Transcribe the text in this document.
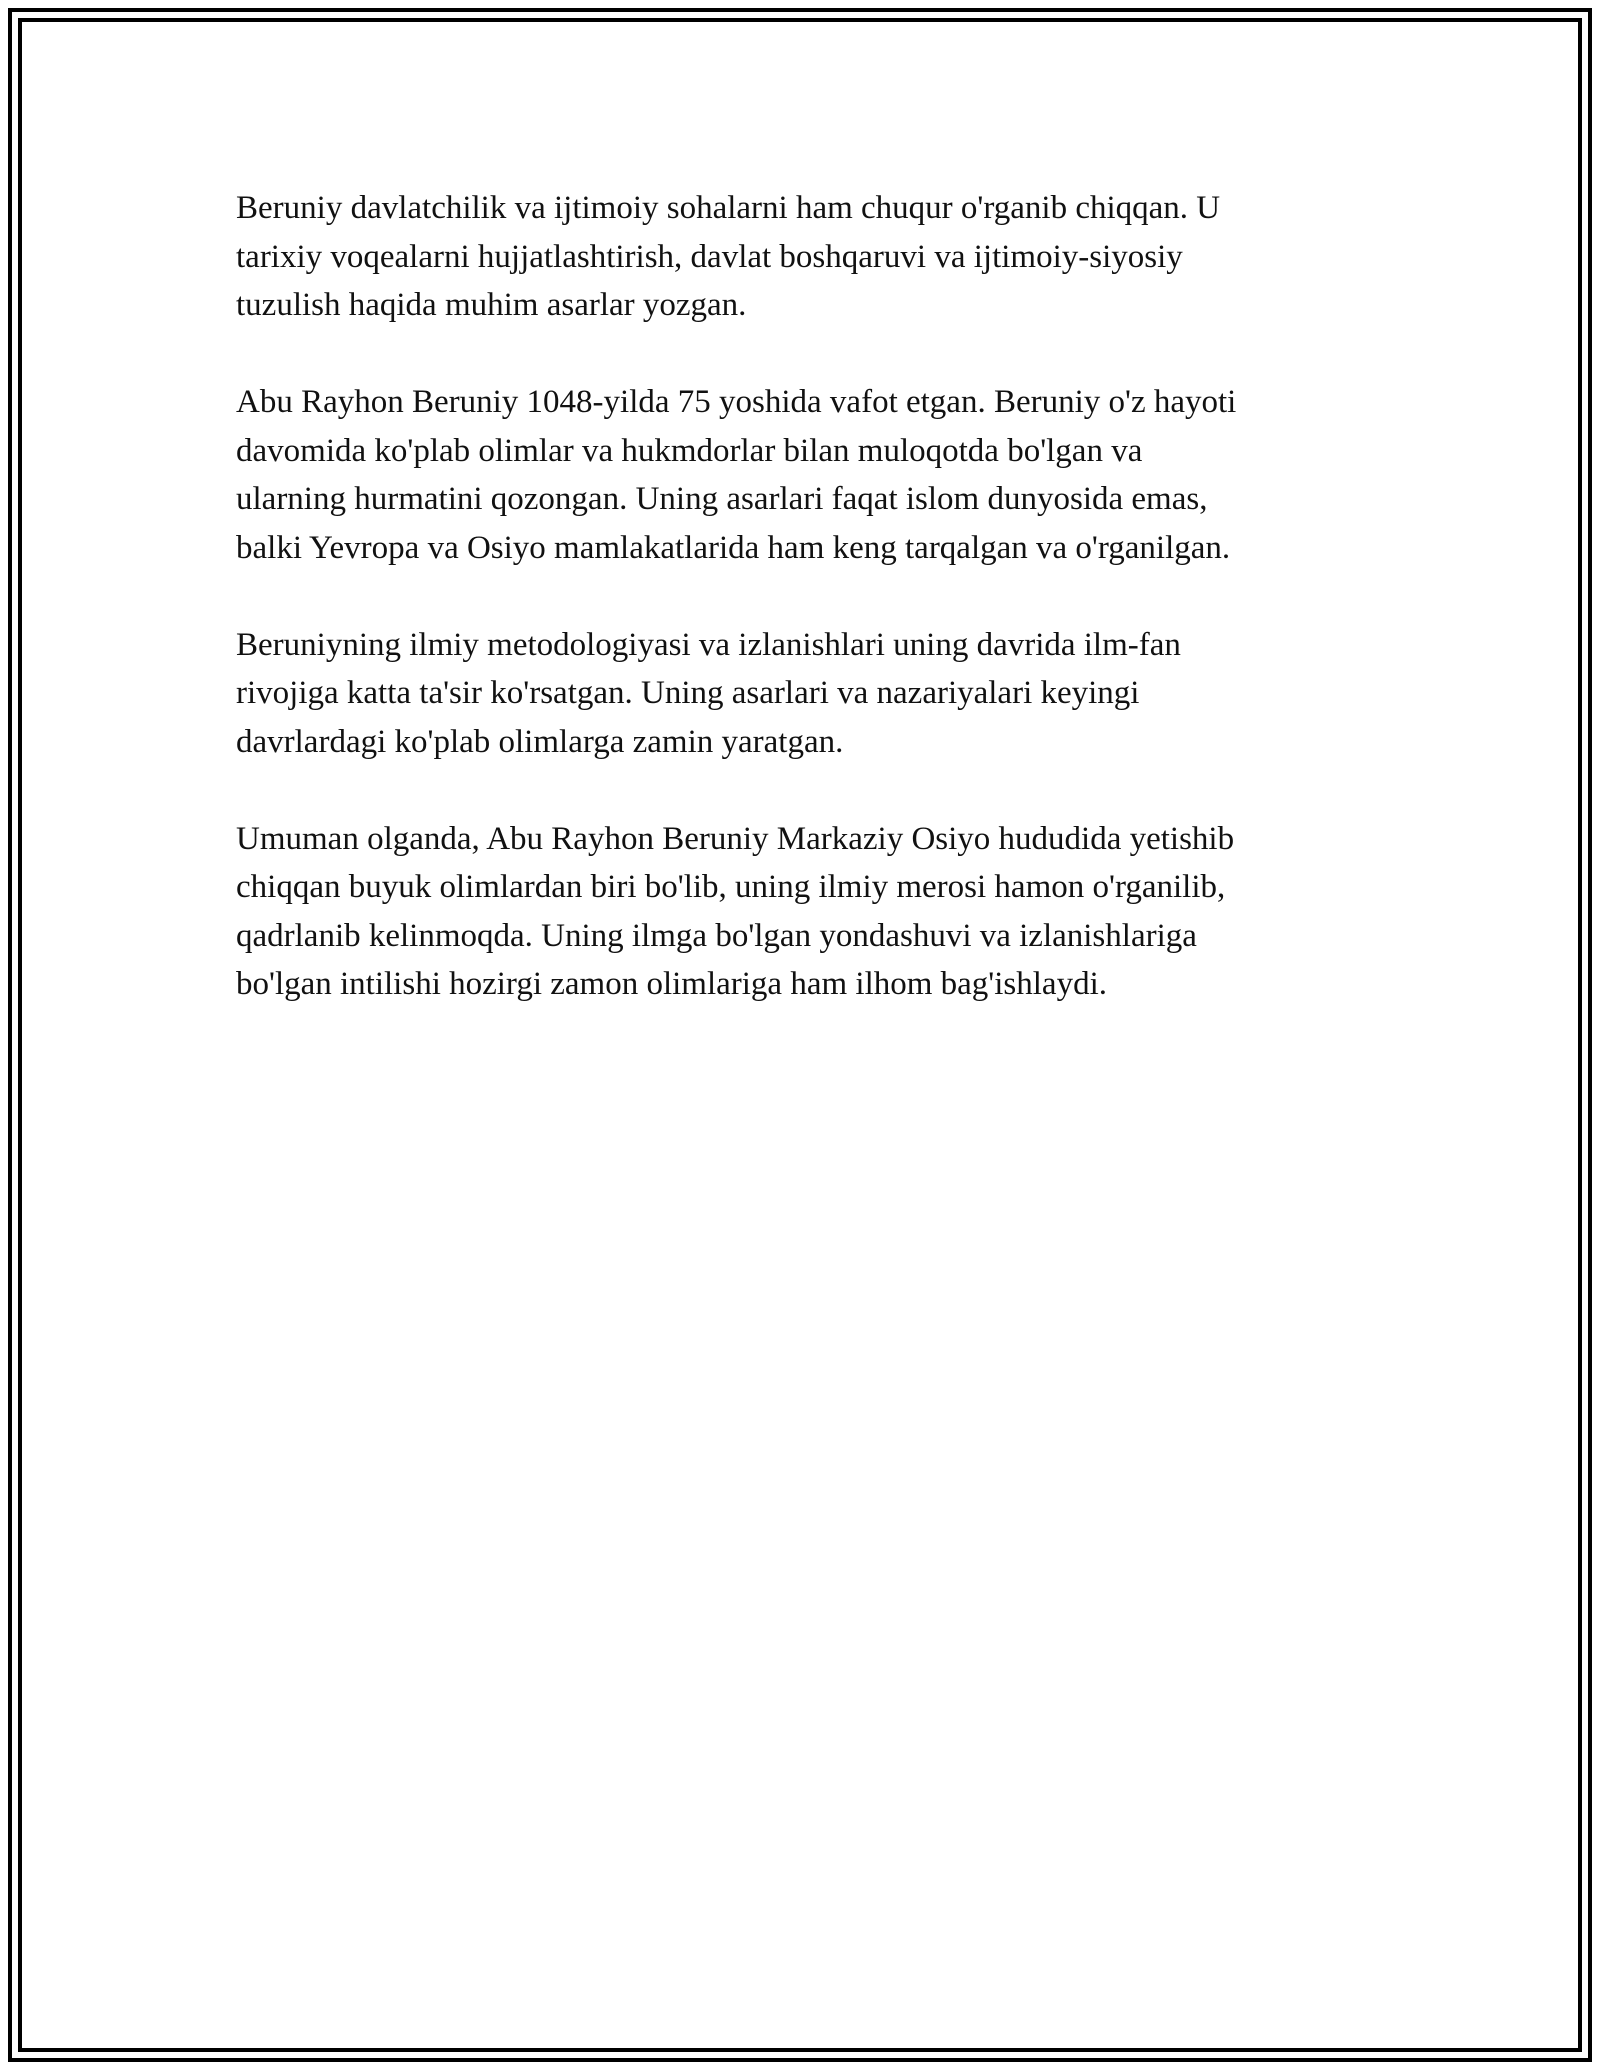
Beruniy davlatchilik va ijtimoiy sohalarni ham chuqur o'rganib chiqqan. U
tarixiy voqealarni hujjatlashtirish, davlat boshqaruvi va ijtimoiy-siyosiy
tuzulish haqida muhim asarlar yozgan.

Abu Rayhon Beruniy 1048-yilda 75 yoshida vafot etgan. Beruniy o'z hayoti
davomida ko'plab olimlar va hukmdorlar bilan muloqotda bo'lgan va
ularning hurmatini qozongan. Uning asarlari faqat islom dunyosida emas,
balki Yevropa va Osiyo mamlakatlarida ham keng tarqalgan va o'rganilgan.

Beruniyning ilmiy metodologiyasi va izlanishlari uning davrida ilm-fan
rivojiga katta ta'sir ko'rsatgan. Uning asarlari va nazariyalari keyingi
davrlardagi ko'plab olimlarga zamin yaratgan.

Umuman olganda, Abu Rayhon Beruniy Markaziy Osiyo hududida yetishib
chiqqan buyuk olimlardan biri bo'lib, uning ilmiy merosi hamon o'rganilib,
qadrlanib kelinmoqda. Uning ilmga bo'lgan yondashuvi va izlanishlariga
bo'lgan intilishi hozirgi zamon olimlariga ham ilhom bag'ishlaydi.
